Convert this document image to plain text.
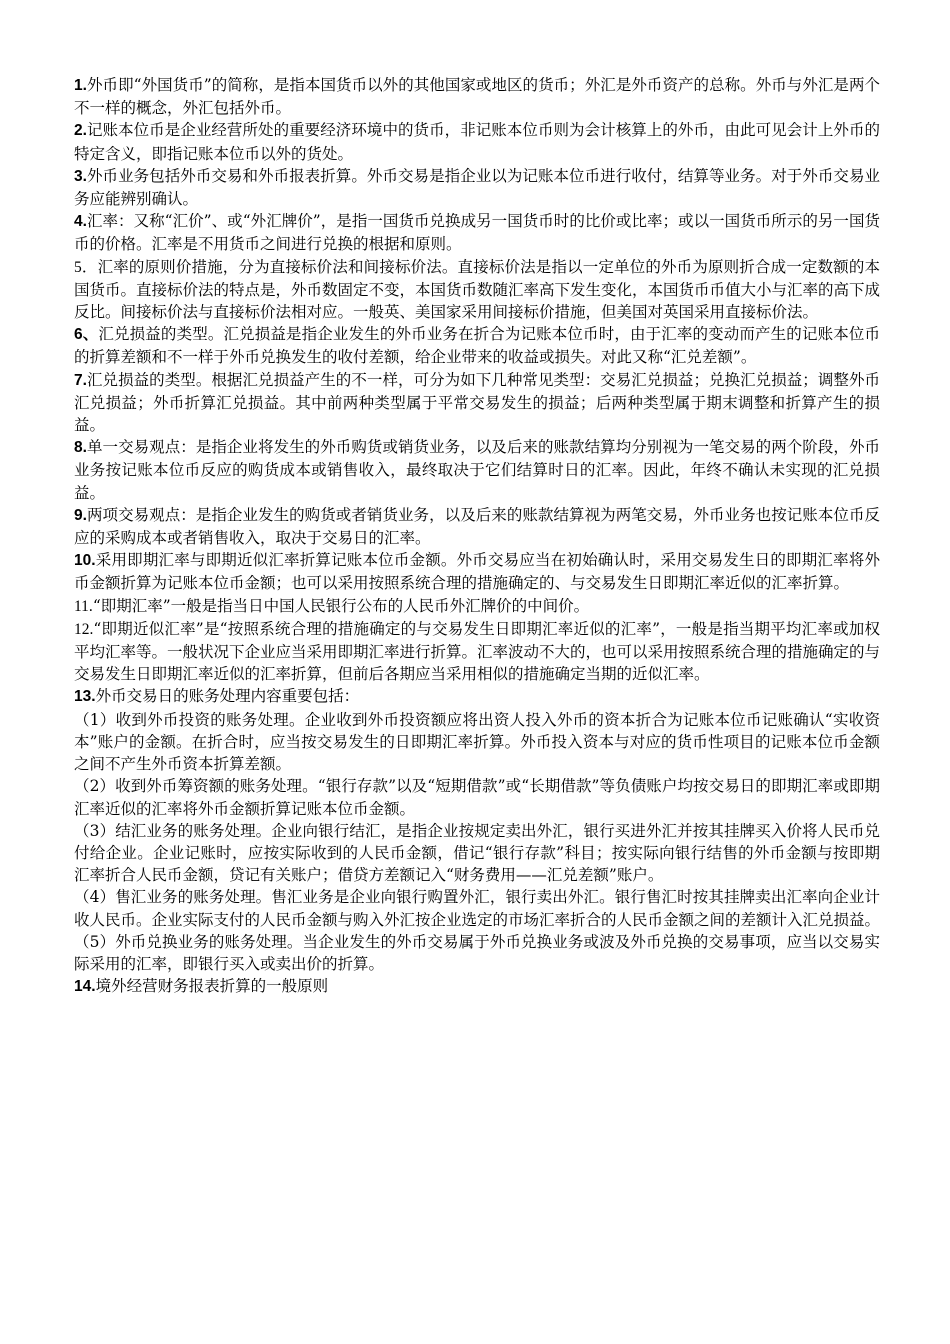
1.外币即“外国货币”的简称，是指本国货币以外的其他国家或地区的货币；外汇是外币资产的总称。外币与外汇是两个不一样的概念，外汇包括外币。

2.记账本位币是企业经营所处的重要经济环境中的货币，非记账本位币则为会计核算上的外币，由此可见会计上外币的特定含义，即指记账本位币以外的货处。

3.外币业务包括外币交易和外币报表折算。外币交易是指企业以为记账本位币进行收付，结算等业务。对于外币交易业务应能辨别确认。

4.汇率：又称“汇价”、或“外汇牌价”，是指一国货币兑换成另一国货币时的比价或比率；或以一国货币所示的另一国货币的价格。汇率是不用货币之间进行兑换的根据和原则。

5．汇率的原则价措施，分为直接标价法和间接标价法。直接标价法是指以一定单位的外币为原则折合成一定数额的本国货币。直接标价法的特点是，外币数固定不变，本国货币数随汇率高下发生变化，本国货币币值大小与汇率的高下成反比。间接标价法与直接标价法相对应。一般英、美国家采用间接标价措施，但美国对英国采用直接标价法。

6、汇兑损益的类型。汇兑损益是指企业发生的外币业务在折合为记账本位币时，由于汇率的变动而产生的记账本位币的折算差额和不一样于外币兑换发生的收付差额，给企业带来的收益或损失。对此又称“汇兑差额”。

7.汇兑损益的类型。根据汇兑损益产生的不一样，可分为如下几种常见类型：交易汇兑损益；兑换汇兑损益；调整外币汇兑损益；外币折算汇兑损益。其中前两种类型属于平常交易发生的损益；后两种类型属于期末调整和折算产生的损益。

8.单一交易观点：是指企业将发生的外币购货或销货业务，以及后来的账款结算均分别视为一笔交易的两个阶段，外币业务按记账本位币反应的购货成本或销售收入，最终取决于它们结算时日的汇率。因此，年终不确认未实现的汇兑损益。

9.两项交易观点：是指企业发生的购货或者销货业务，以及后来的账款结算视为两笔交易，外币业务也按记账本位币反应的采购成本或者销售收入，取决于交易日的汇率。

10.采用即期汇率与即期近似汇率折算记账本位币金额。外币交易应当在初始确认时，采用交易发生日的即期汇率将外币金额折算为记账本位币金额；也可以采用按照系统合理的措施确定的、与交易发生日即期汇率近似的汇率折算。

11.“即期汇率”一般是指当日中国人民银行公布的人民币外汇牌价的中间价。

12.“即期近似汇率”是“按照系统合理的措施确定的与交易发生日即期汇率近似的汇率”，一般是指当期平均汇率或加权平均汇率等。一般状况下企业应当采用即期汇率进行折算。汇率波动不大的，也可以采用按照系统合理的措施确定的与交易发生日即期汇率近似的汇率折算，但前后各期应当采用相似的措施确定当期的近似汇率。

13.外币交易日的账务处理内容重要包括：

（1）收到外币投资的账务处理。企业收到外币投资额应将出资人投入外币的资本折合为记账本位币记账确认“实收资本”账户的金额。在折合时，应当按交易发生的日即期汇率折算。外币投入资本与对应的货币性项目的记账本位币金额之间不产生外币资本折算差额。

（2）收到外币筹资额的账务处理。“银行存款”以及“短期借款”或“长期借款”等负债账户均按交易日的即期汇率或即期汇率近似的汇率将外币金额折算记账本位币金额。

（3）结汇业务的账务处理。企业向银行结汇，是指企业按规定卖出外汇，银行买进外汇并按其挂牌买入价将人民币兑付给企业。企业记账时，应按实际收到的人民币金额，借记“银行存款”科目；按实际向银行结售的外币金额与按即期汇率折合人民币金额，贷记有关账户；借贷方差额记入“财务费用——汇兑差额”账户。

（4）售汇业务的账务处理。售汇业务是企业向银行购置外汇，银行卖出外汇。银行售汇时按其挂牌卖出汇率向企业计收人民币。企业实际支付的人民币金额与购入外汇按企业选定的市场汇率折合的人民币金额之间的差额计入汇兑损益。

（5）外币兑换业务的账务处理。当企业发生的外币交易属于外币兑换业务或波及外币兑换的交易事项，应当以交易实际采用的汇率，即银行买入或卖出价的折算。

14.境外经营财务报表折算的一般原则
